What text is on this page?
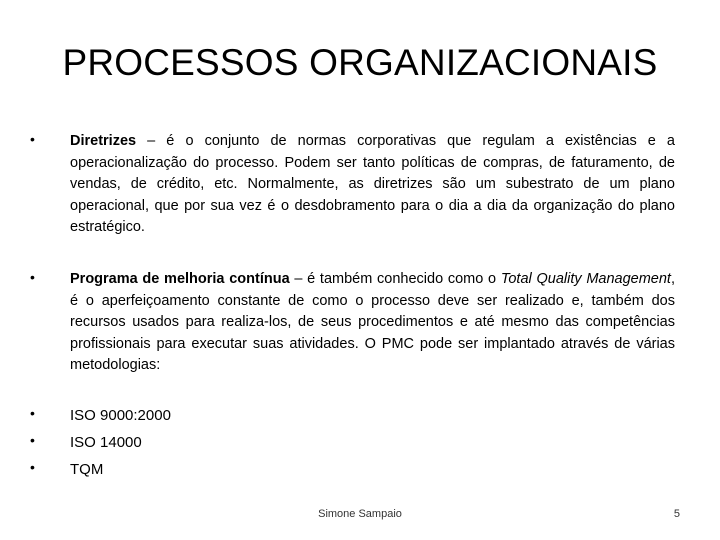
PROCESSOS ORGANIZACIONAIS
• Diretrizes – é o conjunto de normas corporativas que regulam a existências e a operacionalização do processo. Podem ser tanto políticas de compras, de faturamento, de vendas, de crédito, etc. Normalmente, as diretrizes são um subestrato de um plano operacional, que por sua vez é o desdobramento para o dia a dia da organização do plano estratégico.
• Programa de melhoria contínua – é também conhecido como o Total Quality Management, é o aperfeiçoamento constante de como o processo deve ser realizado e, também dos recursos usados para realiza-los, de seus procedimentos e até mesmo das competências profissionais para executar suas atividades. O PMC pode ser implantado através de várias metodologias:
• ISO 9000:2000
• ISO 14000
• TQM
Simone Sampaio	5
